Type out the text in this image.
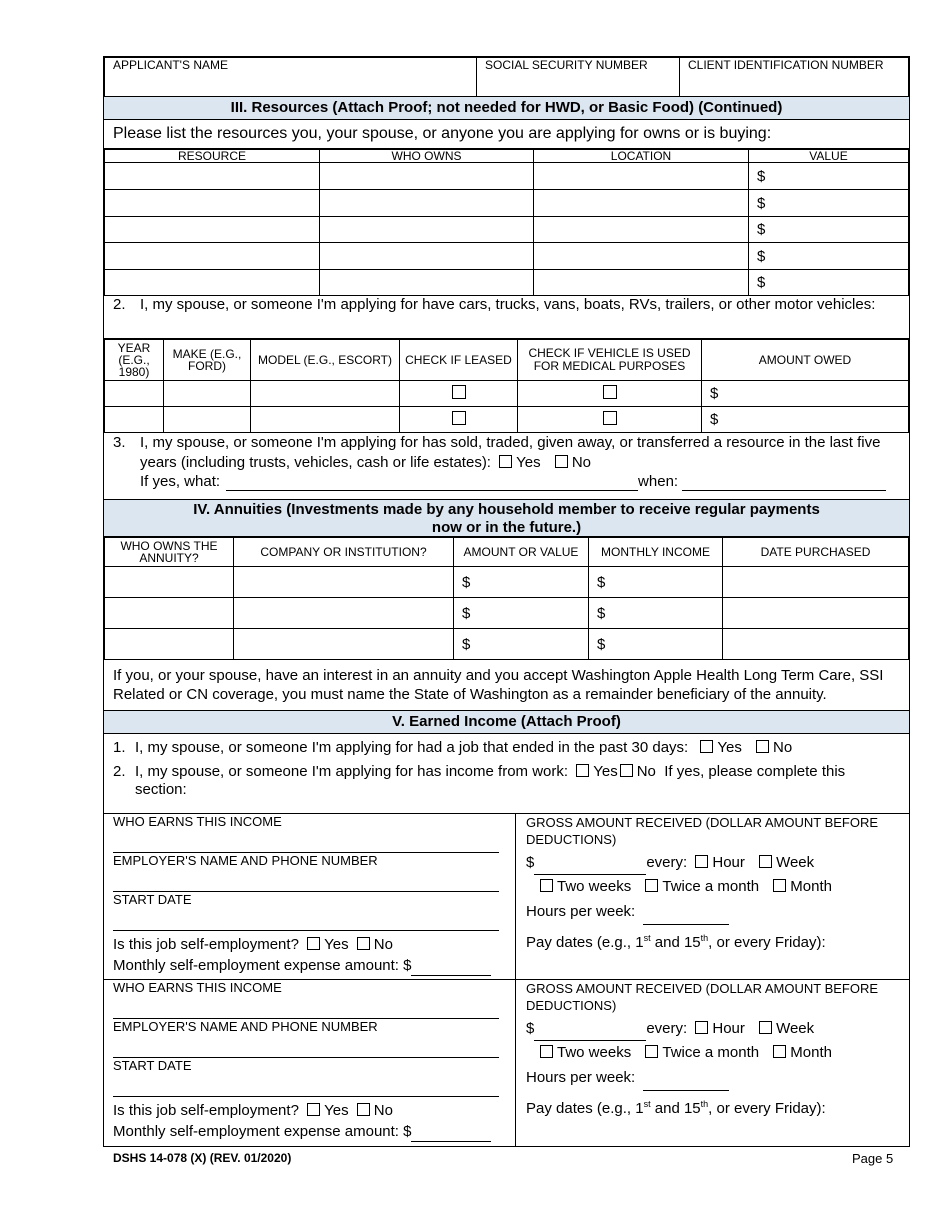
APPLICANT'S NAME	SOCIAL SECURITY NUMBER	CLIENT IDENTIFICATION NUMBER
III. Resources (Attach Proof; not needed for HWD, or Basic Food) (Continued)
Please list the resources you, your spouse, or anyone you are applying for owns or is buying:
RESOURCE	WHO OWNS	LOCATION	VALUE
			$
			$
			$
			$
			$
2. I, my spouse, or someone I'm applying for have cars, trucks, vans, boats, RVs, trailers, or other motor vehicles:
YEAR (E.G., 1980)	MAKE (E.G., FORD)	MODEL (E.G., ESCORT)	CHECK IF LEASED	CHECK IF VEHICLE IS USED FOR MEDICAL PURPOSES	AMOUNT OWED
					$
					$
3. I, my spouse, or someone I'm applying for has sold, traded, given away, or transferred a resource in the last five years (including trusts, vehicles, cash or life estates): Yes No
If yes, what:	when:
IV. Annuities (Investments made by any household member to receive regular payments
now or in the future.)
WHO OWNS THE ANNUITY?	COMPANY OR INSTITUTION?	AMOUNT OR VALUE	MONTHLY INCOME	DATE PURCHASED
		$	$	
		$	$	
		$	$	
If you, or your spouse, have an interest in an annuity and you accept Washington Apple Health Long Term Care, SSI Related or CN coverage, you must name the State of Washington as a remainder beneficiary of the annuity.
V. Earned Income (Attach Proof)
1. I, my spouse, or someone I'm applying for had a job that ended in the past 30 days: Yes No
2. I, my spouse, or someone I'm applying for has income from work: Yes No If yes, please complete this section:
WHO EARNS THIS INCOME
EMPLOYER'S NAME AND PHONE NUMBER
START DATE
Is this job self-employment? Yes No
Monthly self-employment expense amount: $
GROSS AMOUNT RECEIVED (DOLLAR AMOUNT BEFORE DEDUCTIONS)
$	every: Hour Week
Two weeks Twice a month Month
Hours per week:
Pay dates (e.g., 1st and 15th, or every Friday):
WHO EARNS THIS INCOME
EMPLOYER'S NAME AND PHONE NUMBER
START DATE
Is this job self-employment? Yes No
Monthly self-employment expense amount: $
GROSS AMOUNT RECEIVED (DOLLAR AMOUNT BEFORE DEDUCTIONS)
$	every: Hour Week
Two weeks Twice a month Month
Hours per week:
Pay dates (e.g., 1st and 15th, or every Friday):
DSHS 14-078 (X) (REV. 01/2020)	Page 5
